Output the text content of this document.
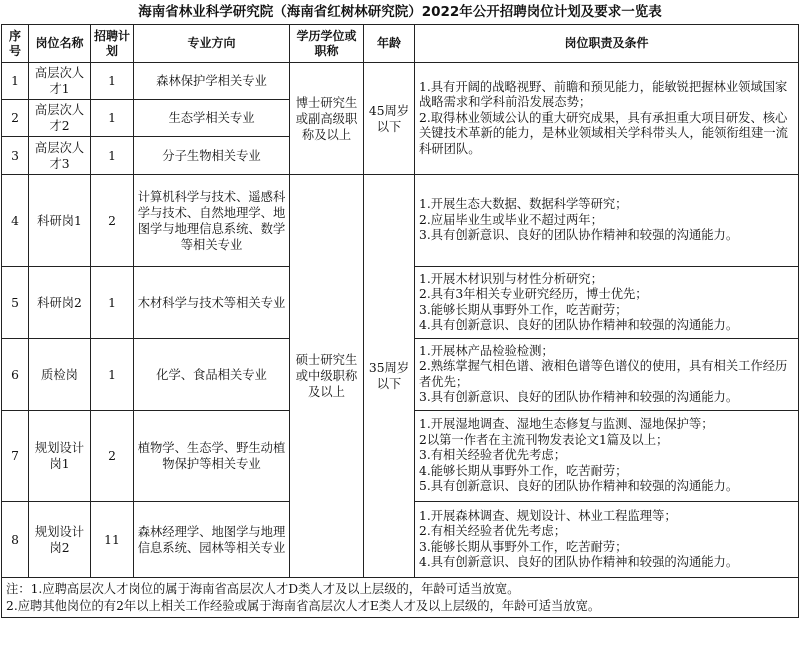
海南省林业科学研究院（海南省红树林研究院）2022年公开招聘岗位计划及要求一览表
序号	岗位名称	招聘计划	专业方向	学历学位或职称	年龄	岗位职责及条件
1	高层次人才1	1	森林保护学相关专业	博士研究生或副高级职称及以上	45周岁以下	1.具有开阔的战略视野、前瞻和预见能力，能敏锐把握林业领域国家战略需求和学科前沿发展态势；
2.取得林业领域公认的重大研究成果，具有承担重大项目研发、核心关键技术革新的能力，是林业领域相关学科带头人，能领衔组建一流科研团队。

2	高层次人才2	1	生态学相关专业			
3	高层次人才3	1	分子生物相关专业			
4	科研岗1	2	计算机科学与技术、遥感科学与技术、自然地理学、地图学与地理信息系统、数学等相关专业	硕士研究生或中级职称及以上	35周岁以下	1.开展生态大数据、数据科学等研究；
2.应届毕业生或毕业不超过两年；
3.具有创新意识、良好的团队协作精神和较强的沟通能力。

5	科研岗2	1	木材科学与技术等相关专业			1.开展木材识别与材性分析研究；
2.具有3年相关专业研究经历，博士优先；
3.能够长期从事野外工作，吃苦耐劳；
4.具有创新意识、良好的团队协作精神和较强的沟通能力。

6	质检岗	1	化学、食品相关专业			1.开展林产品检验检测；
2.熟练掌握气相色谱、液相色谱等色谱仪的使用，具有相关工作经历者优先；
3.具有创新意识、良好的团队协作精神和较强的沟通能力。

7	规划设计岗1	2	植物学、生态学、野生动植物保护等相关专业			1.开展湿地调查、湿地生态修复与监测、湿地保护等；
2以第一作者在主流刊物发表论文1篇及以上；
3.有相关经验者优先考虑；
4.能够长期从事野外工作，吃苦耐劳；
5.具有创新意识、良好的团队协作精神和较强的沟通能力。

8	规划设计岗2	11	森林经理学、地图学与地理信息系统、园林等相关专业			1.开展森林调查、规划设计、林业工程监理等；
2.有相关经验者优先考虑；
3.能够长期从事野外工作，吃苦耐劳；
4.具有创新意识、良好的团队协作精神和较强的沟通能力。

注：1.应聘高层次人才岗位的属于海南省高层次人才D类人才及以上层级的，年龄可适当放宽。
2.应聘其他岗位的有2年以上相关工作经验或属于海南省高层次人才E类人才及以上层级的，年龄可适当放宽。						
